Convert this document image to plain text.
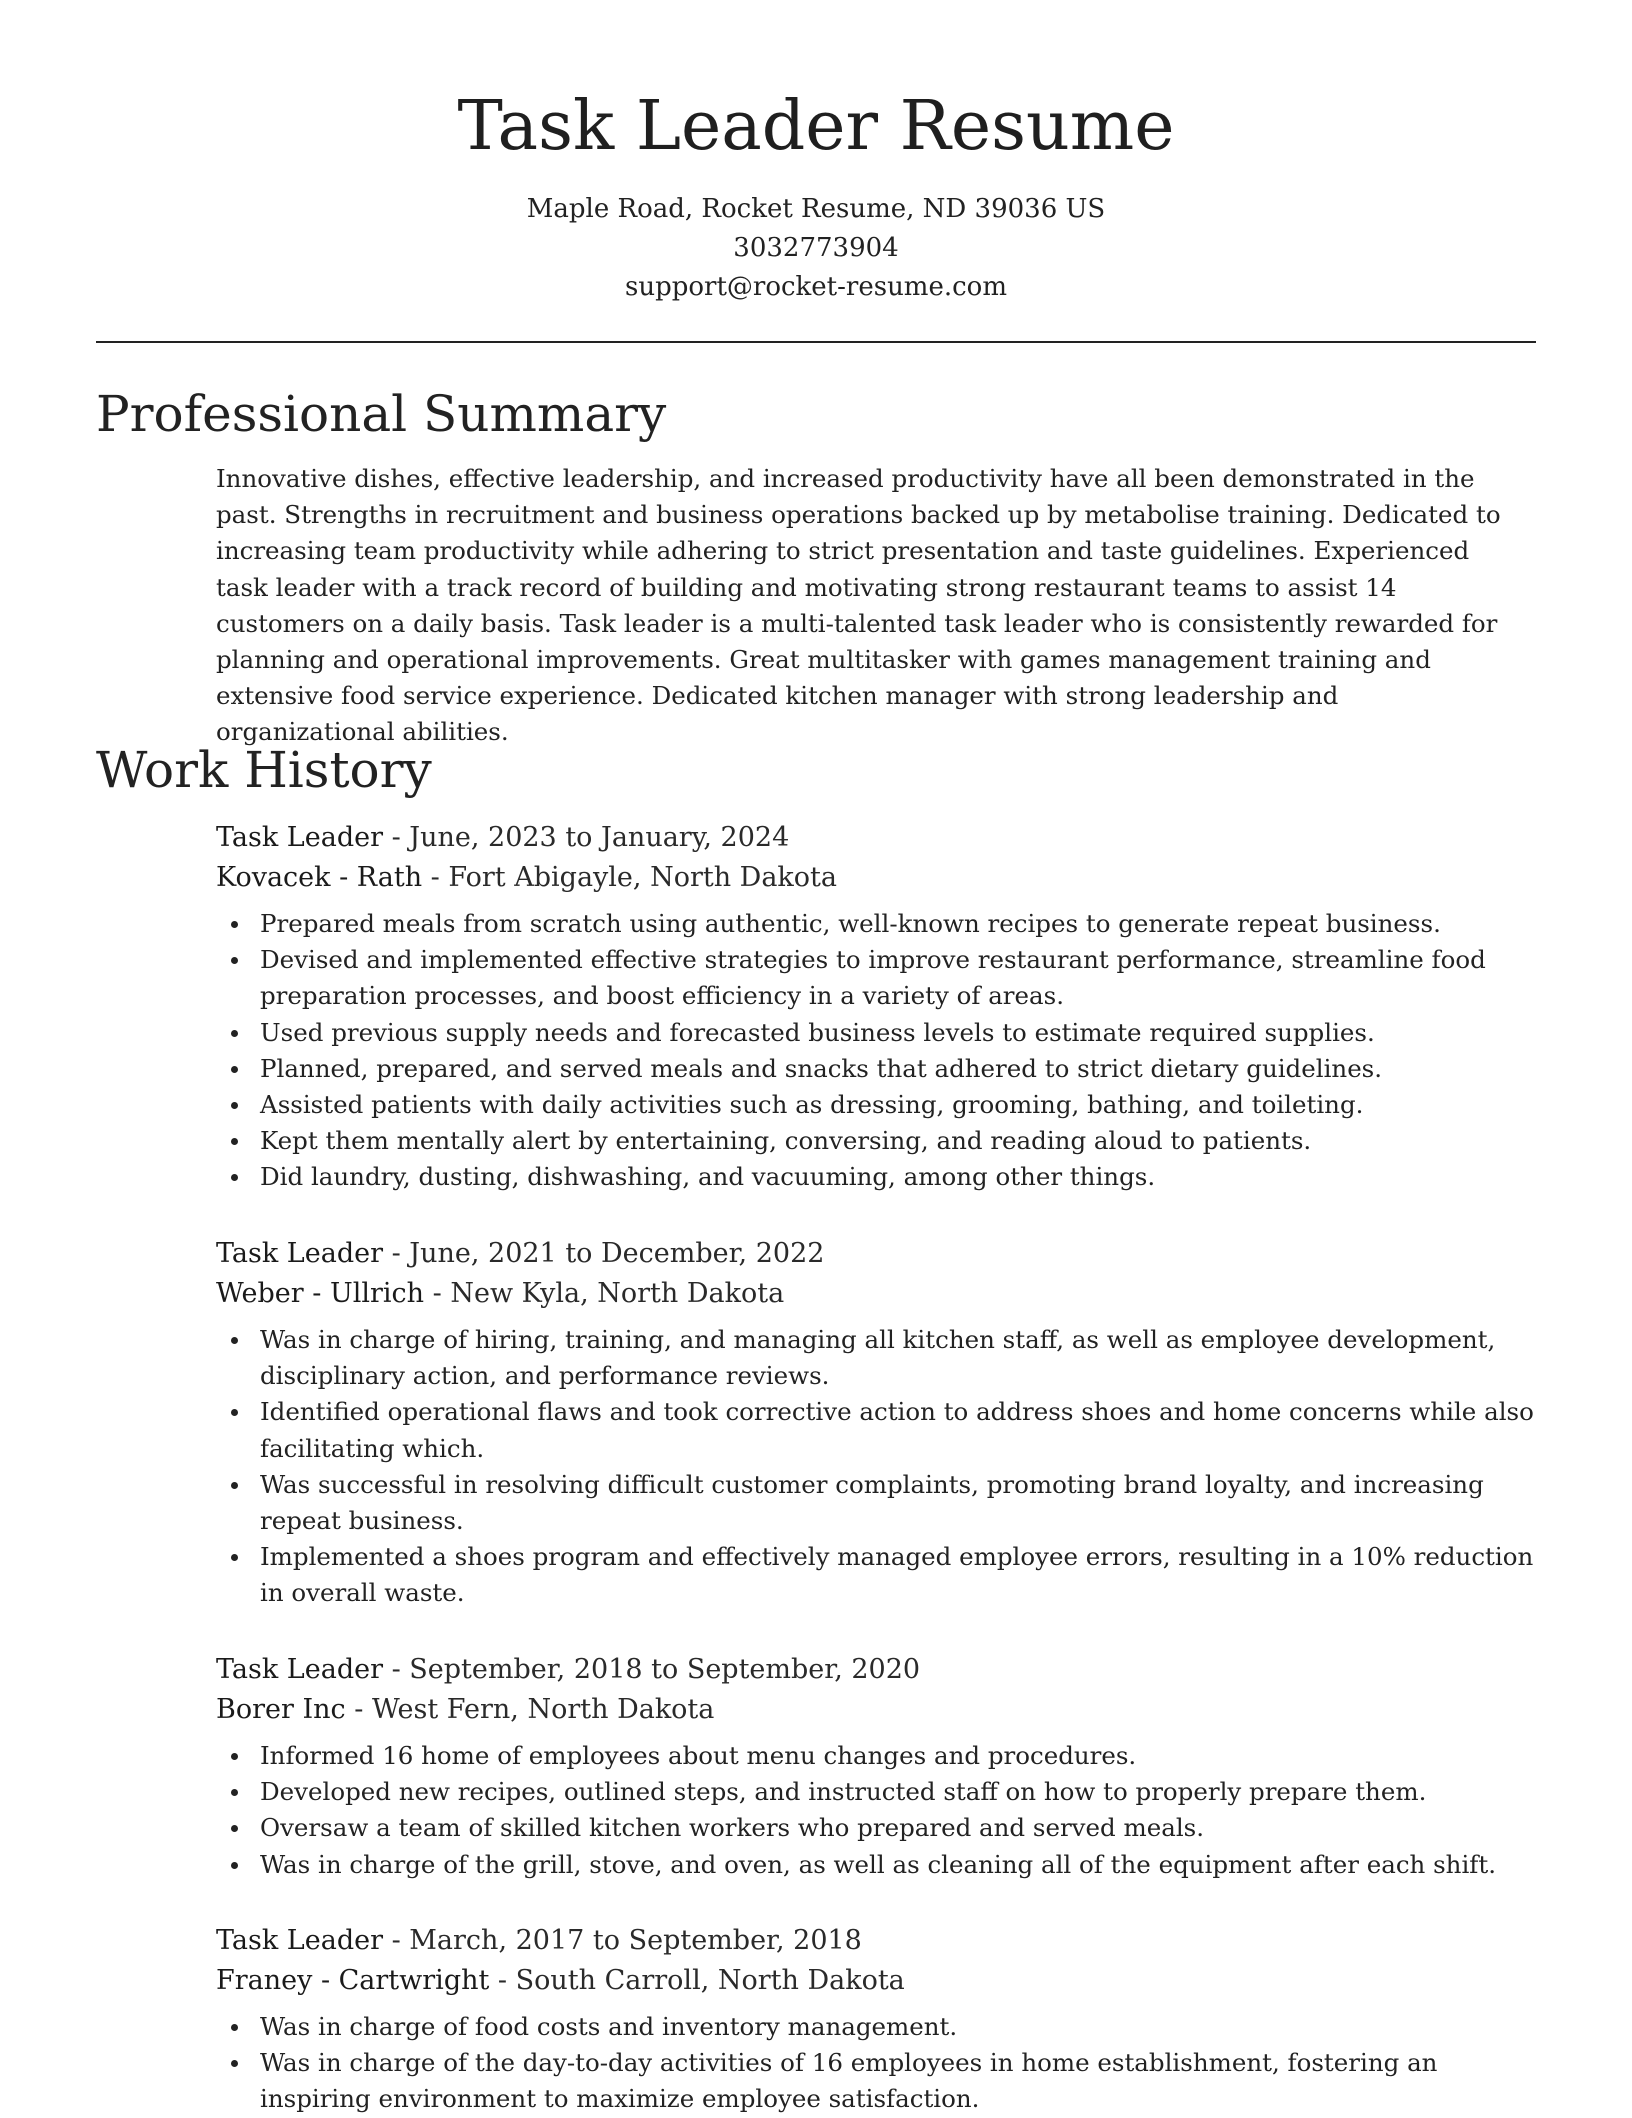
Task Leader Resume
Maple Road, Rocket Resume, ND 39036 US
3032773904
support@rocket-resume.com
Professional Summary

Innovative dishes, effective leadership, and increased productivity have all been demonstrated in the past. Strengths in recruitment and business operations backed up by metabolise training. Dedicated to increasing team productivity while adhering to strict presentation and taste guidelines. Experienced task leader with a track record of building and motivating strong restaurant teams to assist 14 customers on a daily basis. Task leader is a multi-talented task leader who is consistently rewarded for planning and operational improvements. Great multitasker with games management training and extensive food service experience. Dedicated kitchen manager with strong leadership and organizational abilities.

Work History
Task Leader - June, 2023 to January, 2024
Kovacek - Rath - Fort Abigayle, North Dakota
Prepared meals from scratch using authentic, well-known recipes to generate repeat business.
Devised and implemented effective strategies to improve restaurant performance, streamline food preparation processes, and boost efficiency in a variety of areas.
Used previous supply needs and forecasted business levels to estimate required supplies.
Planned, prepared, and served meals and snacks that adhered to strict dietary guidelines.
Assisted patients with daily activities such as dressing, grooming, bathing, and toileting.
Kept them mentally alert by entertaining, conversing, and reading aloud to patients.
Did laundry, dusting, dishwashing, and vacuuming, among other things.
Task Leader - June, 2021 to December, 2022
Weber - Ullrich - New Kyla, North Dakota
Was in charge of hiring, training, and managing all kitchen staff, as well as employee development, disciplinary action, and performance reviews.
Identified operational flaws and took corrective action to address shoes and home concerns while also facilitating which.
Was successful in resolving difficult customer complaints, promoting brand loyalty, and increasing repeat business.
Implemented a shoes program and effectively managed employee errors, resulting in a 10% reduction in overall waste.
Task Leader - September, 2018 to September, 2020
Borer Inc - West Fern, North Dakota
Informed 16 home of employees about menu changes and procedures.
Developed new recipes, outlined steps, and instructed staff on how to properly prepare them.
Oversaw a team of skilled kitchen workers who prepared and served meals.
Was in charge of the grill, stove, and oven, as well as cleaning all of the equipment after each shift.
Task Leader - March, 2017 to September, 2018
Franey - Cartwright - South Carroll, North Dakota
Was in charge of food costs and inventory management.
Was in charge of the day-to-day activities of 16 employees in home establishment, fostering an inspiring environment to maximize employee satisfaction.
